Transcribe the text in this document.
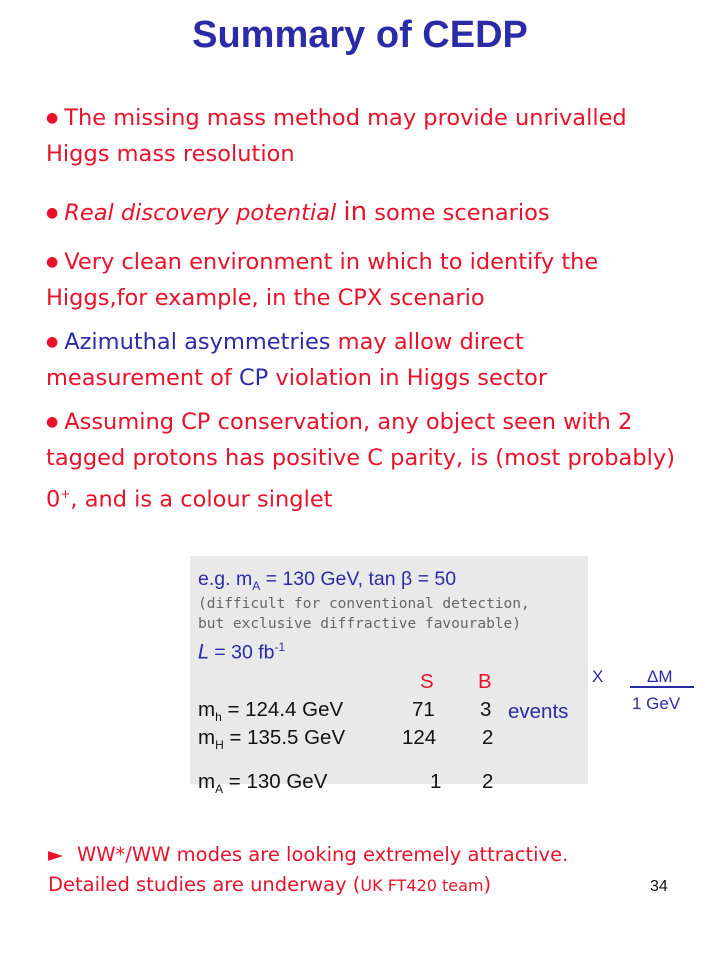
Summary of CEDP
● The missing mass method may provide unrivalled Higgs mass resolution
● Real discovery potential in some scenarios
● Very clean environment in which to identify the Higgs,for example, in the CPX scenario
● Azimuthal asymmetries may allow direct measurement of CP violation in Higgs sector
● Assuming CP conservation, any object seen with 2 tagged protons has positive C parity, is (most probably) 0+, and is a colour singlet
e.g. $m_A = 130$ GeV, tan β = 50
(difficult for conventional detection,
but exclusive diffractive favourable)
L = 30 $fb^{-1}$
S B
$m_h = 124.4$ GeV	71 3 events
$m_H = 135.5$ GeV	124 2
$m_A = 130$ GeV	1 2
X	ΔM
1 GeV
► WW*/WW modes are looking extremely attractive.
Detailed studies are underway (UK FT420 team)	34
